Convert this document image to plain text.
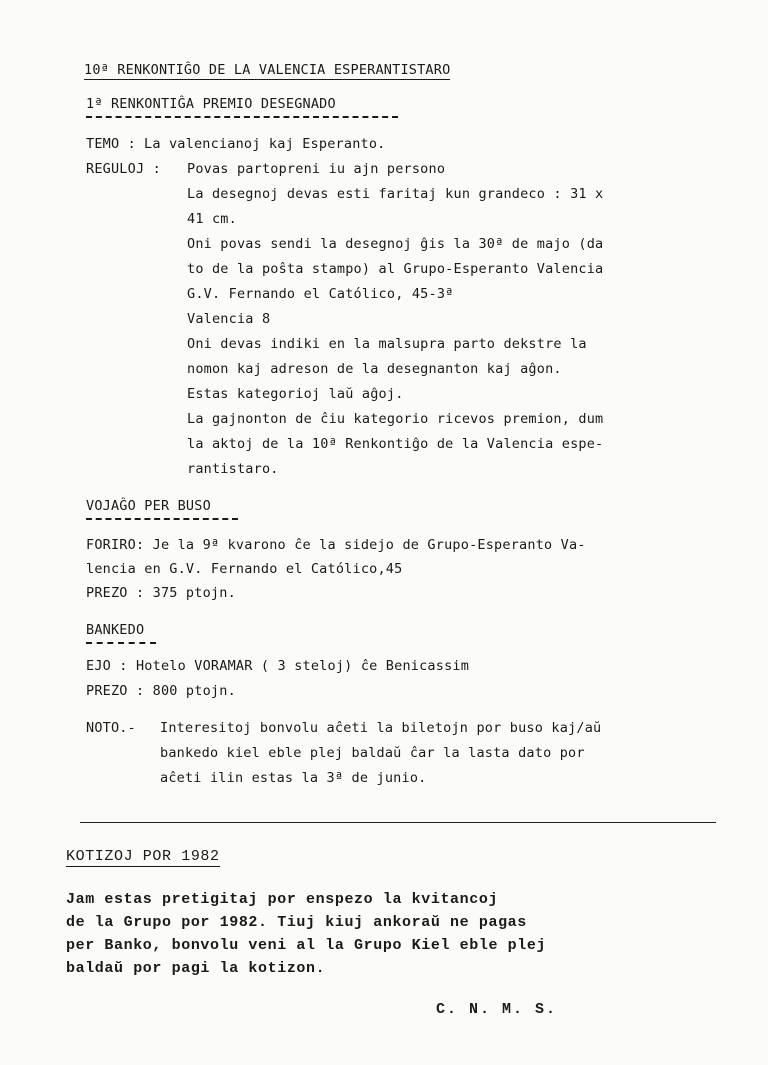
10ª RENKONTIĜO DE LA VALENCIA ESPERANTISTARO
1ª RENKONTIĜA PREMIO DESEGNADO
TEMO : La valencianoj kaj Esperanto.
REGULOJ : Povas partopreni iu ajn persono
La desegnoj devas esti faritaj kun grandeco : 31 x
41 cm.
Oni povas sendi la desegnoj ĝis la 30ª de majo (da
to de la poŝta stampo) al Grupo-Esperanto Valencia
G.V. Fernando el Católico, 45-3ª
Valencia 8
Oni devas indiki en la malsupra parto dekstre la
nomon kaj adreson de la desegnanton kaj aĝon.
Estas kategorioj laŭ aĝoj.
La gajnonton de ĉiu kategorio ricevos premion, dum
la aktoj de la 10ª Renkontiĝo de la Valencia espe-
rantistaro.
VOJAĜO PER BUSO
FORIRO: Je la 9ª kvarono ĉe la sidejo de Grupo-Esperanto Va-
lencia en G.V. Fernando el Católico,45
PREZO : 375 ptojn.
BANKEDO
EJO : Hotelo VORAMAR ( 3 steloj) ĉe Benicassim
PREZO : 800 ptojn.
NOTO.- Interesitoj bonvolu aĉeti la biletojn por buso kaj/aŭ
bankedo kiel eble plej baldaŭ ĉar la lasta dato por
aĉeti ilin estas la 3ª de junio.
KOTIZOJ POR 1982
Jam estas pretigitaj por enspezo la kvitancoj
de la Grupo por 1982. Tiuj kiuj ankoraŭ ne pagas
per Banko, bonvolu veni al la Grupo Kiel eble plej
baldaŭ por pagi la kotizon.
C. N. M. S.
